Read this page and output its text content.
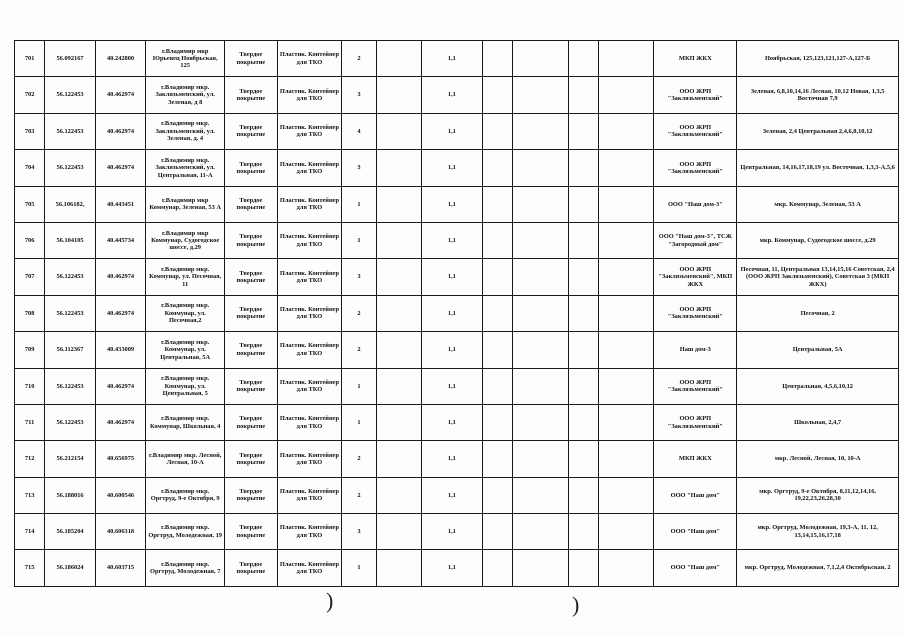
701	56.092167	40.242800	г.Владимир мкр Юрьевец Ноябрьская, 125	Твердое покрытие	Пластик. Контейнер для ТКО	2		1,1					МКП ЖКХ	Ноябрьская, 125,123,121,127-А,127-Б
702	56.122453	40.462974	г.Владимир мкр. Заклязьменский, ул. Зеленая, д 8	Твердое покрытие	Пластик. Контейнер для ТКО	3		1,1					ООО ЖРП "Заклязьменский"	Зеленая, 6,8,10,14,16 Лесная, 10,12 Новая, 1,3,5 Восточная 7,9
703	56.122453	40.462974	г.Владимир мкр. Заклязьменский, ул. Зеленая, д. 4	Твердое покрытие	Пластик. Контейнер для ТКО	4		1,1					ООО ЖРП "Заклязьменский"	Зеленая, 2,4 Центральная 2,4,6,8,10,12
704	56.122453	40.462974	г.Владимир мкр. Заклязьменский, ул. Центральная, 11-А	Твердое покрытие	Пластик. Контейнер для ТКО	3		1,1					ООО ЖРП "Заклязьменский"	Центральная, 14,16,17,18,19 ул. Восточная, 1,3,3-А,5,6
705	56.106182,	40.443451	г.Владимир мкр Коммунар, Зеленая, 53 А	Твердое покрытие	Пластик. Контейнер для ТКО	1		1,1					ООО "Наш дом-3"	мкр. Коммунар, Зеленая, 53 А
706	56.104105	40.445734	г.Владимир мкр Коммунар, Судогодское шоссе, д.29	Твердое покрытие	Пластик. Контейнер для ТКО	1		1,1					ООО "Наш дом-3", ТСЖ "Загородный дом"	мкр. Коммунар, Судогодское шоссе, д.29
707	56.122453	40.462974	г.Владимир мкр. Коммунар, ул. Песочная, 11	Твердое покрытие	Пластик. Контейнер для ТКО	3		1,1					ООО ЖРП "Заклязьменский", МКП ЖКХ	Песочная, 11, Центральная 13,14,15,16 Советская, 2,4 (ООО ЖРП Заклязьменский), Советская 3 (МКП ЖКХ)
708	56.122453	40.462974	г.Владимир мкр. Коммунар, ул. Песочная,2	Твердое покрытие	Пластик. Контейнер для ТКО	2		1,1					ООО ЖРП "Заклязьменский"	Песочная, 2
709	56.112367	40.433009	г.Владимир мкр. Коммунар, ул. Центральная, 5А	Твердое покрытие	Пластик. Контейнер для ТКО	2		1,1					Наш дом-3	Центральная, 5А
710	56.122453	40.462974	г.Владимир мкр. Коммунар, ул. Центральная, 5	Твердое покрытие	Пластик. Контейнер для ТКО	1		1,1					ООО ЖРП "Заклязьменский"	Центральная, 4,5,6,10,12
711	56.122453	40.462974	г.Владимир мкр. Коммунар, Школьная, 4	Твердое покрытие	Пластик. Контейнер для ТКО	1		1,1					ООО ЖРП "Заклязьменский"	Школьная, 2,4,7
712	56.212154	40.656975	г.Владимир мкр. Лесной, Лесная, 10-А	Твердое покрытие	Пластик. Контейнер для ТКО	2		1,1					МКП ЖКХ	мкр. Лесной, Лесная, 10, 10-А
713	56.188016	40.600546	г.Владимир мкр. Оргтруд, 9-е Октября, 9	Твердое покрытие	Пластик. Контейнер для ТКО	2		1,1					ООО "Наш дом"	мкр. Оргтруд, 9-е Октября, 8,11,12,14,16, 19,22,23,26,28,30
714	56.185204	40.606318	г.Владимир мкр. Оргтруд, Молодежная, 19	Твердое покрытие	Пластик. Контейнер для ТКО	3		1,1					ООО "Наш дом"	мкр. Оргтруд, Молодежная, 19,3-А, 11, 12, 13,14,15,16,17,18
715	56.186024	40.603715	г.Владимир мкр. Оргтруд, Молодежная, 7	Твердое покрытие	Пластик. Контейнер для ТКО	1		1,1					ООО "Наш дом"	мкр. Оргтруд, Молодежная, 7,1,2,4 Октябрьская, 2
)	)
